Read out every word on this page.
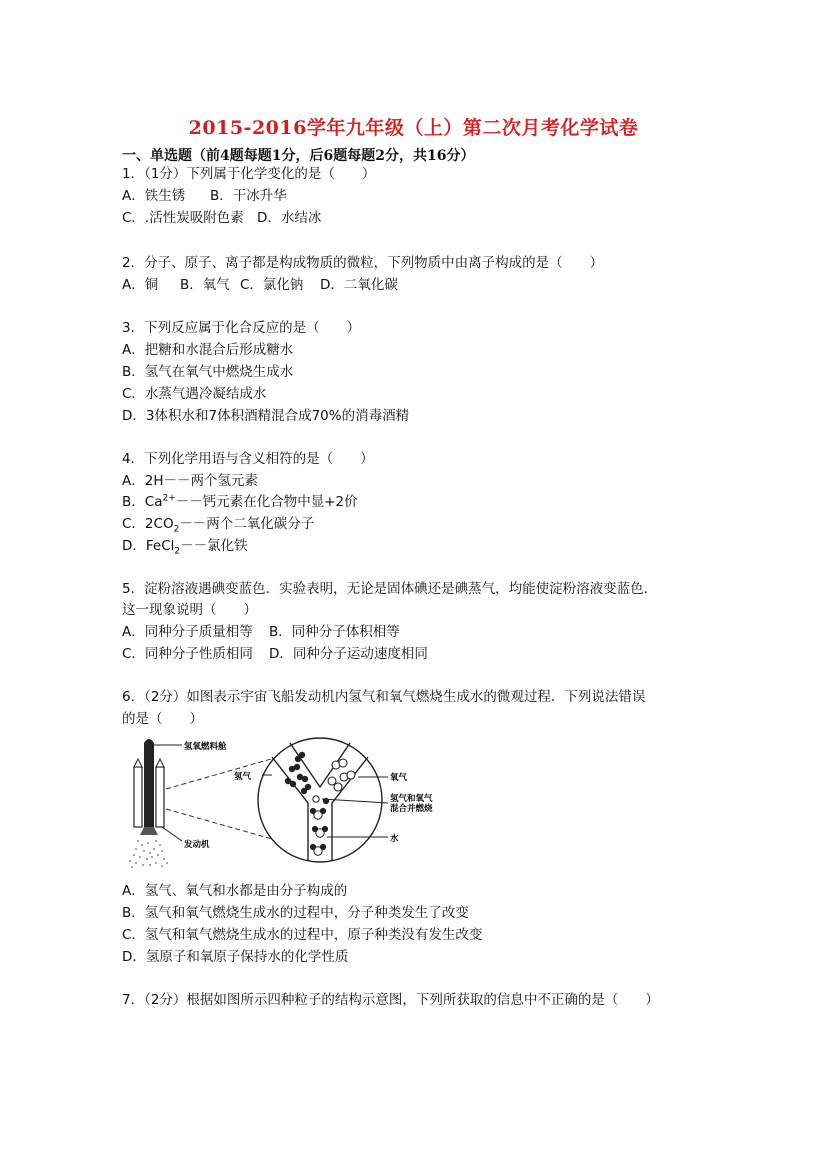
2015-2016学年九年级（上）第二次月考化学试卷
一、单选题（前4题每题1分，后6题每题2分，共16分）
1．（1分）下列属于化学变化的是（　　）
A．铁生锈 B．干冰升华
C．.活性炭吸附色素 D．水结冰
2．分子、原子、离子都是构成物质的微粒，下列物质中由离子构成的是（　　）
A．铜 B．氧气 C．氯化钠 D．二氧化碳
3．下列反应属于化合反应的是（　　）
A．把糖和水混合后形成糖水
B．氢气在氧气中燃烧生成水
C．水蒸气遇冷凝结成水
D．3体积水和7体积酒精混合成70%的消毒酒精
4．下列化学用语与含义相符的是（　　）
A．2H－－两个氢元素
B．$Ca^{2+}--$钙元素在化合物中显+2价
C．$2CO_2--$两个二氧化碳分子
D．FeCl$_2$－－氯化铁
5．淀粉溶液遇碘变蓝色．实验表明，无论是固体碘还是碘蒸气，均能使淀粉溶液变蓝色．
这一现象说明（　　）
A．同种分子质量相等 B．同种分子体积相等
C．同种分子性质相同 D．同种分子运动速度相同
6．（2分）如图表示宇宙飞船发动机内氢气和氧气燃烧生成水的微观过程．下列说法错误
的是（　　）
氢氧燃料舱
氢气	氧气
氢气和氧气
混合并燃烧
水
发动机
A．氢气、氧气和水都是由分子构成的
B．氢气和氧气燃烧生成水的过程中，分子种类发生了改变
C．氢气和氧气燃烧生成水的过程中，原子种类没有发生改变
D．氢原子和氧原子保持水的化学性质
7．（2分）根据如图所示四种粒子的结构示意图，下列所获取的信息中不正确的是（　　）
